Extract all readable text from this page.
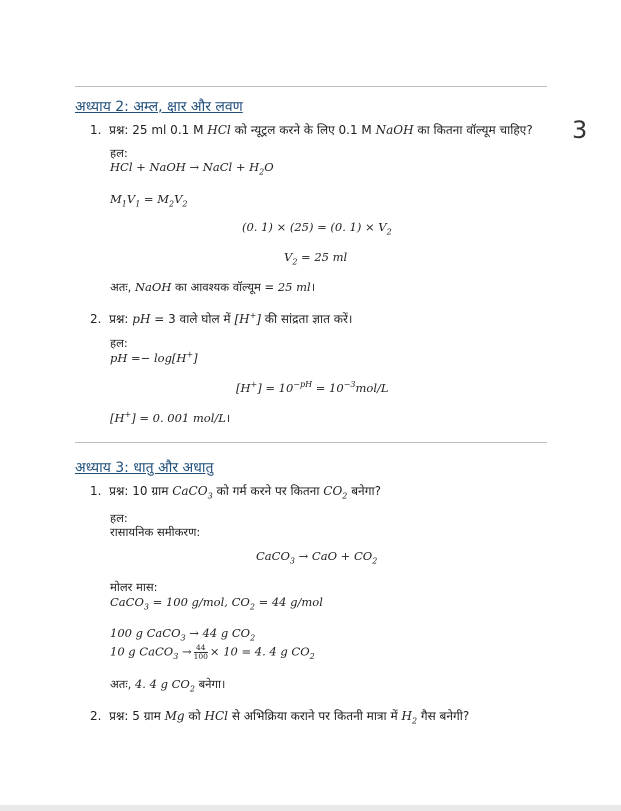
3
अध्याय 2: अम्ल, क्षार और लवण
1. प्रश्न: 25 ml 0.1 M HCl को न्यूट्रल करने के लिए 0.1 M NaOH का कितना वॉल्यूम चाहिए?
हल:
HCl + NaOH → NaCl + $H_2O$
$M_1V_1 = M_2V_2$
(0. 1) × (25) = (0. $1) \times V_2$
$V_2 = 25$ ml
अतः, NaOH का आवश्यक वॉल्यूम = 25 ml।
2. प्रश्न: pH = 3 वाले घोल में [H+] की सांद्रता ज्ञात करें।
हल:
pH =− log[H+]
$[H^+] = 10^{-pH} = 10^{-3}mol/L$
[H+] = 0. 001 mol/L।
अध्याय 3: धातु और अधातु
1. प्रश्न: 10 ग्राम CaCO$_3$ को गर्म करने पर कितना $CO_2$ बनेगा?
हल:
रासायनिक समीकरण:
CaCO$_3$ → CaO + $CO_2$
मोलर मास:
CaCO$_3$ = 100 g/mol, $CO_2 = 44$ g/mol
100 g CaCO$_3$ → 44 g $CO_2$
10 g CaCO$_3$ → $\frac{44}{100} \times 10 = 4$. 4 g $CO_2$
अतः, 4. 4 g $CO_2$ बनेगा।
2. प्रश्न: 5 ग्राम Mg को HCl से अभिक्रिया कराने पर कितनी मात्रा में $H_2$ गैस बनेगी?
